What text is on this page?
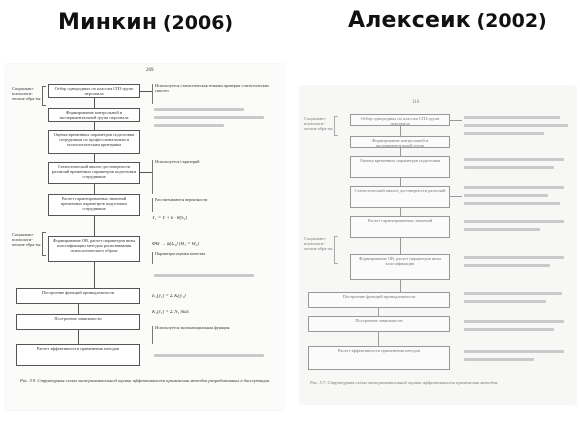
Минкин (2006)	Алексеик (2002)
269
Социально-психологи-ческие обра-зы
Отбор однородных по классам СПЗ групп персонала
Формирование контрольной и экспериментальной групп персонала
Оценка временных параметров подготовки сотрудников по профессиональным и психологическим критериям
Статистический анализ достоверности различий временных параметров подготовки сотрудников
Расчет гарантированных значений временных параметров подготовки сотрудников
Социально-психологи-ческие обра-зы
Формирование ОВ, расчет параметров визы классификации методом распознавания психологического образа
Построение функций принадлежности
Построение зависимости
Расчет эффективности применения методов
Используется статистическая техника проверки статистических гипотез
Используется t-критерий
Рассчитываются вероятности
Y₁ = Y + k · θ(S₁)
ΦΘ → φ(Σ₁) (Θ₁ = Θ₂)
Параметры оценки качества
E₁(y₁) = Σ Kᵢ(y₁)
K₁(ε₁) = Σ N₁ max
Используется экспоненциальная функция
Рис. 5.9. Структурная схема экспериментальной оценки эффективности применения методов разработанных в диссертации.
116
Социально-психологи-ческие обра-зы
Отбор однородных по классам СПЗ групп персонала
Формирование контрольной и экспериментальной групп
Оценка временных параметров подготовки
Статистический анализ достоверности различий
Расчет гарантированных значений
Социально-психологи-ческие обра-зы
Формирование ОВ, расчет параметров визы классификации
Построение функций принадлежности
Построение зависимости
Расчет эффективности применения методов
Рис. 5.7. Структурная схема экспериментальной оценки эффективности применения методов.
